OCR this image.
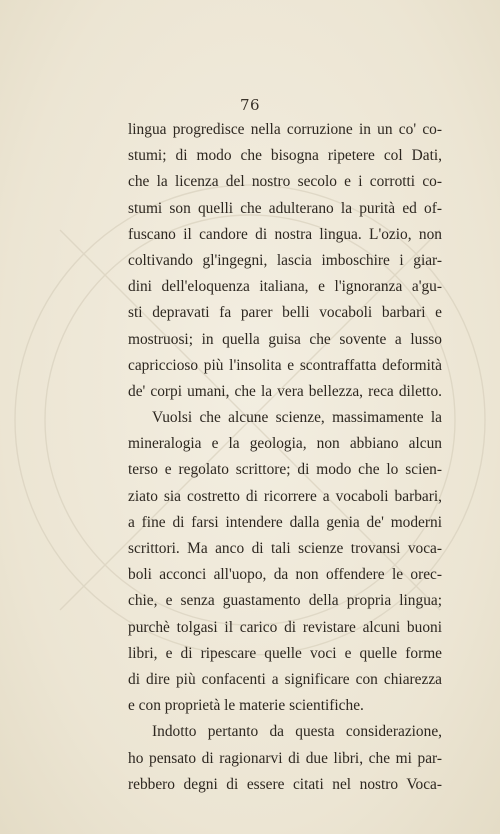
76
lingua progredisce nella corruzione in un co' co-
stumi; di modo che bisogna ripetere col Dati,
che la licenza del nostro secolo e i corrotti co-
stumi son quelli che adulterano la purità ed of-
fuscano il candore di nostra lingua. L'ozio, non
coltivando gl'ingegni, lascia imboschire i giar-
dini dell'eloquenza italiana, e l'ignoranza a'gu-
sti depravati fa parer belli vocaboli barbari e
mostruosi; in quella guisa che sovente a lusso
capriccioso più l'insolita e scontraffatta deformità
de' corpi umani, che la vera bellezza, reca diletto.
Vuolsi che alcune scienze, massimamente la
mineralogia e la geologia, non abbiano alcun
terso e regolato scrittore; di modo che lo scien-
ziato sia costretto di ricorrere a vocaboli barbari,
a fine di farsi intendere dalla genia de' moderni
scrittori. Ma anco di tali scienze trovansi voca-
boli acconci all'uopo, da non offendere le orec-
chie, e senza guastamento della propria lingua;
purchè tolgasi il carico di revistare alcuni buoni
libri, e di ripescare quelle voci e quelle forme
di dire più confacenti a significare con chiarezza
e con proprietà le materie scientifiche.
Indotto pertanto da questa considerazione,
ho pensato di ragionarvi di due libri, che mi par-
rebbero degni di essere citati nel nostro Voca-
